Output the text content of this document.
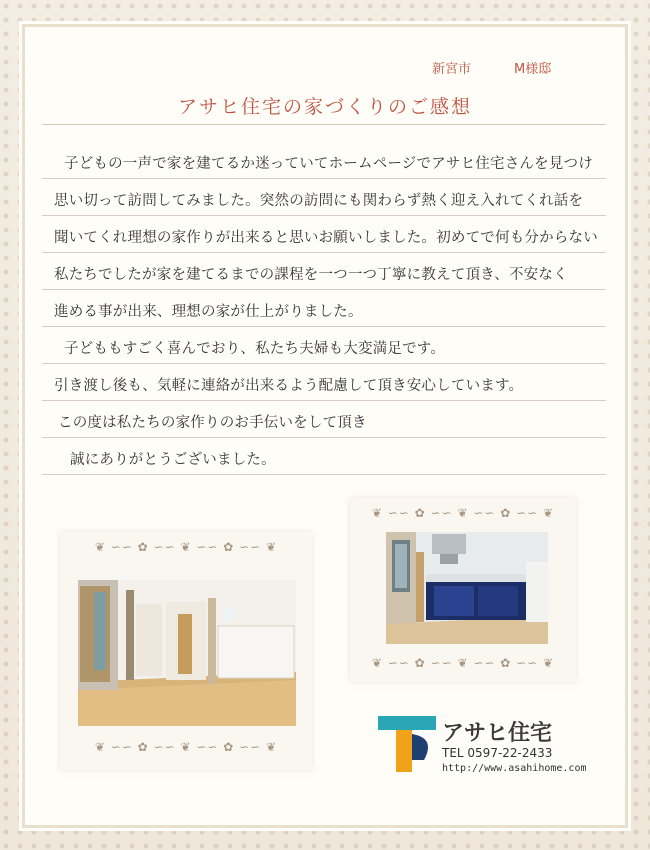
新宮市	M様邸
アサヒ住宅の家づくりのご感想
子どもの一声で家を建てるか迷っていてホームページでアサヒ住宅さんを見つけ
思い切って訪問してみました。突然の訪問にも関わらず熱く迎え入れてくれ話を
聞いてくれ理想の家作りが出来ると思いお願いしました。初めてで何も分からない
私たちでしたが家を建てるまでの課程を一つ一つ丁寧に教えて頂き、不安なく
進める事が出来、理想の家が仕上がりました。
子どももすごく喜んでおり、私たち夫婦も大変満足です。
引き渡し後も、気軽に連絡が出来るよう配慮して頂き安心しています。
この度は私たちの家作りのお手伝いをして頂き
誠にありがとうございました。
❦ ∽∽ ✿ ∽∽ ❦ ∽∽ ✿ ∽∽ ❦
❦ ∽∽ ✿ ∽∽ ❦ ∽∽ ✿ ∽∽ ❦
❦ ∽∽ ✿ ∽∽ ❦ ∽∽ ✿ ∽∽ ❦
❦ ∽∽ ✿ ∽∽ ❦ ∽∽ ✿ ∽∽ ❦
アサヒ住宅
TEL 0597-22-2433
http://www.asahihome.com
